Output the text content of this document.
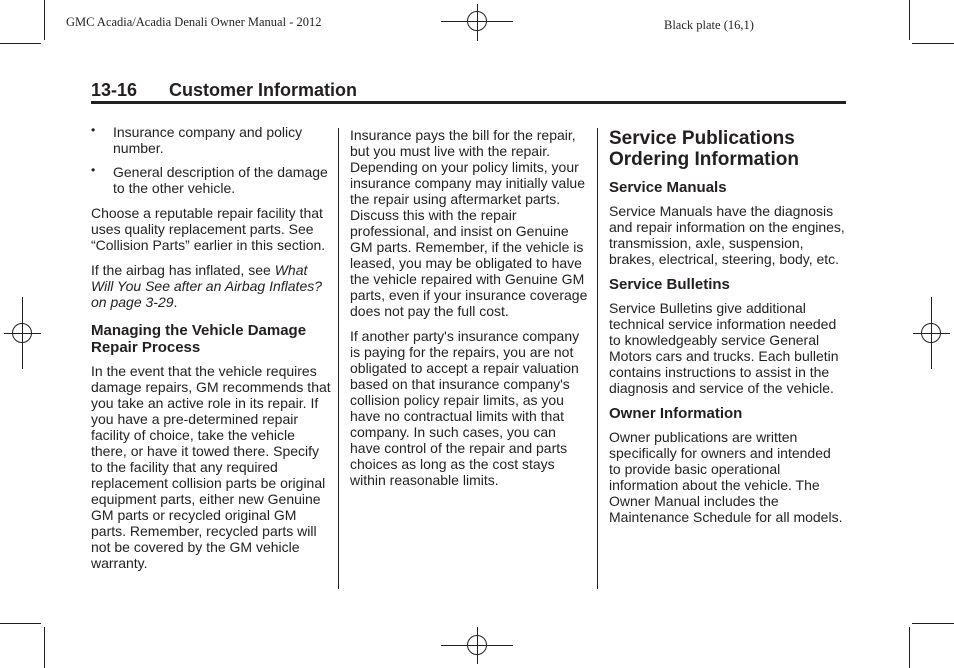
GMC Acadia/Acadia Denali Owner Manual - 2012	Black plate (16,1)
13-16 Customer Information
• Insurance company and policy number.
• General description of the damage to the other vehicle.

Choose a reputable repair facility that uses quality replacement parts. See “Collision Parts” earlier in this section.

If the airbag has inflated, see What Will You See after an Airbag Inflates? on page 3-29.

Managing the Vehicle Damage Repair Process

In the event that the vehicle requires damage repairs, GM recommends that you take an active role in its repair. If you have a pre-determined repair facility of choice, take the vehicle there, or have it towed there. Specify to the facility that any required replacement collision parts be original equipment parts, either new Genuine GM parts or recycled original GM parts. Remember, recycled parts will not be covered by the GM vehicle warranty.

Insurance pays the bill for the repair, but you must live with the repair. Depending on your policy limits, your insurance company may initially value the repair using aftermarket parts. Discuss this with the repair professional, and insist on Genuine GM parts. Remember, if the vehicle is leased, you may be obligated to have the vehicle repaired with Genuine GM parts, even if your insurance coverage does not pay the full cost.

If another party's insurance company is paying for the repairs, you are not obligated to accept a repair valuation based on that insurance company's collision policy repair limits, as you have no contractual limits with that company. In such cases, you can have control of the repair and parts choices as long as the cost stays within reasonable limits.

Service Publications Ordering Information
Service Manuals

Service Manuals have the diagnosis and repair information on the engines, transmission, axle, suspension, brakes, electrical, steering, body, etc.

Service Bulletins

Service Bulletins give additional technical service information needed to knowledgeably service General Motors cars and trucks. Each bulletin contains instructions to assist in the diagnosis and service of the vehicle.

Owner Information

Owner publications are written specifically for owners and intended to provide basic operational information about the vehicle. The Owner Manual includes the Maintenance Schedule for all models.
